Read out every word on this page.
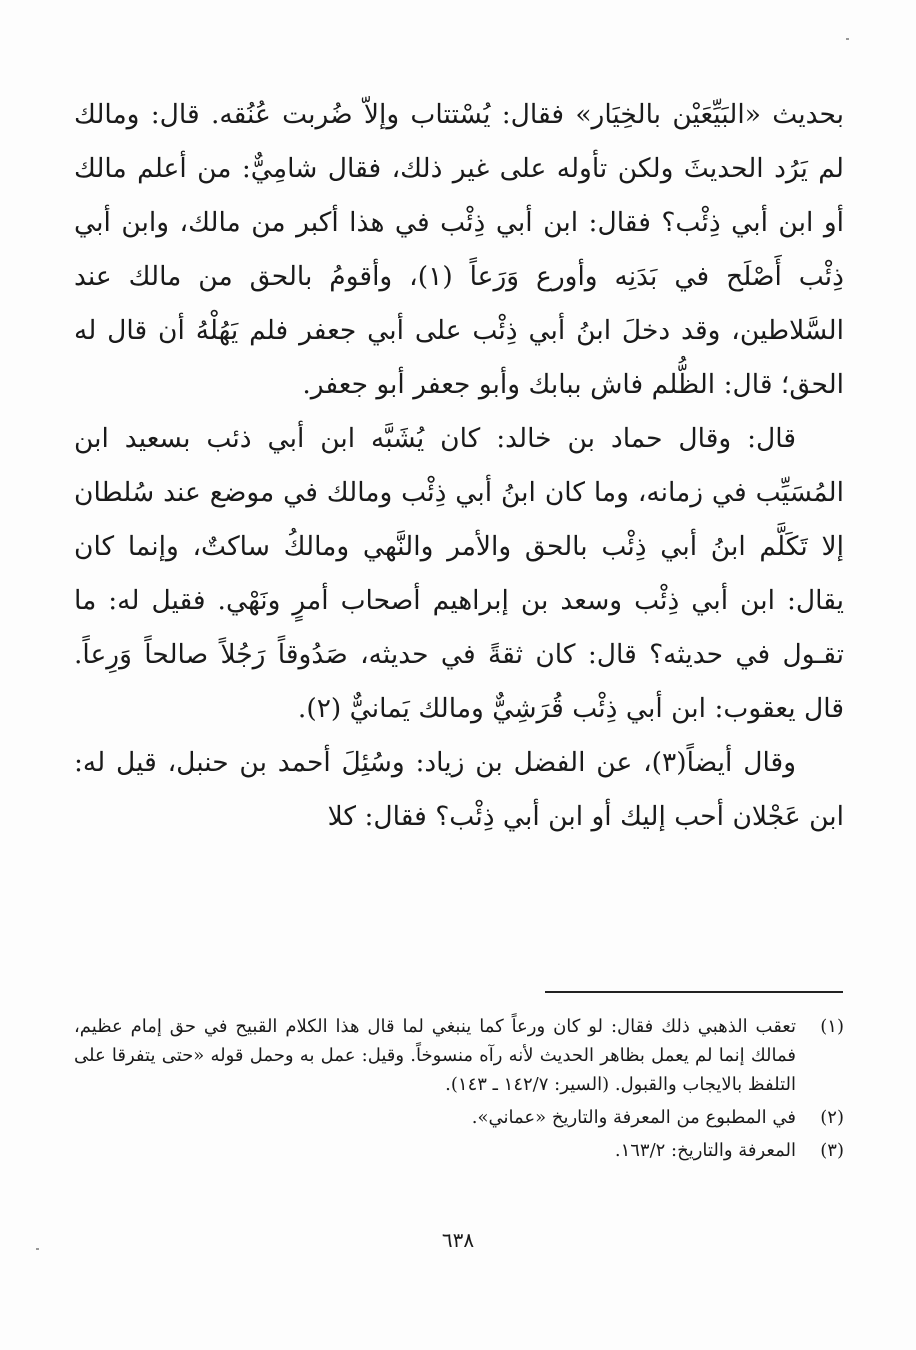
بحديث «البَيِّعَيْن بالخِيَار» فقال: يُسْتتاب وإلاّ ضُربت عُنُقه. قال: ومالك لم يَرُد الحديثَ ولكن تأوله على غير ذلك، فقال شامِيٌّ: من أعلم مالك أو ابن أبي ذِئْب؟ فقال: ابن أبي ذِئْب في هذا أكبر من مالك، وابن أبي ذِئْب أَصْلَح في بَدَنِه وأورع وَرَعاً (١)، وأقومُ بالحق من مالك عند السَّلاطين، وقد دخلَ ابنُ أبي ذِئْب على أبي جعفر فلم يَهُلْهُ أن قال له الحق؛ قال: الظُّلم فاش ببابك وأبو جعفر أبو جعفر.

قال: وقال حماد بن خالد: كان يُشَبَّه ابن أبي ذئب بسعيد ابن المُسَيِّب في زمانه، وما كان ابنُ أبي ذِئْب ومالك في موضع عند سُلطان إلا تَكَلَّم ابنُ أبي ذِئْب بالحق والأمر والنَّهي ومالكُ ساكتٌ، وإنما كان يقال: ابن أبي ذِئْب وسعد بن إبراهيم أصحاب أمرٍ ونَهْي. فقيل له: ما تقـول في حديثه؟ قال: كان ثقةً في حديثه، صَدُوقاً رَجُلاً صالحاً وَرِعاً. قال يعقوب: ابن أبي ذِئْب قُرَشِيٌّ ومالك يَمانيٌّ (٢).

وقال أيضاً(٣)، عن الفضل بن زياد: وسُئِلَ أحمد بن حنبل، قيل له: ابن عَجْلان أحب إليك أو ابن أبي ذِئْب؟ فقال: كلا

(١)
تعقب الذهبي ذلك فقال: لو كان ورعاً كما ينبغي لما قال هذا الكلام القبيح في حق إمام عظيم، فمالك إنما لم يعمل بظاهر الحديث لأنه رآه منسوخاً. وقيل: عمل به وحمل قوله «حتى يتفرقا على التلفظ بالايجاب والقبول. (السير: ١٤٢/٧ ـ ١٤٣).
(٢)
في المطبوع من المعرفة والتاريخ «عماني».
(٣)
المعرفة والتاريخ: ١٦٣/٢.
٦٣٨
